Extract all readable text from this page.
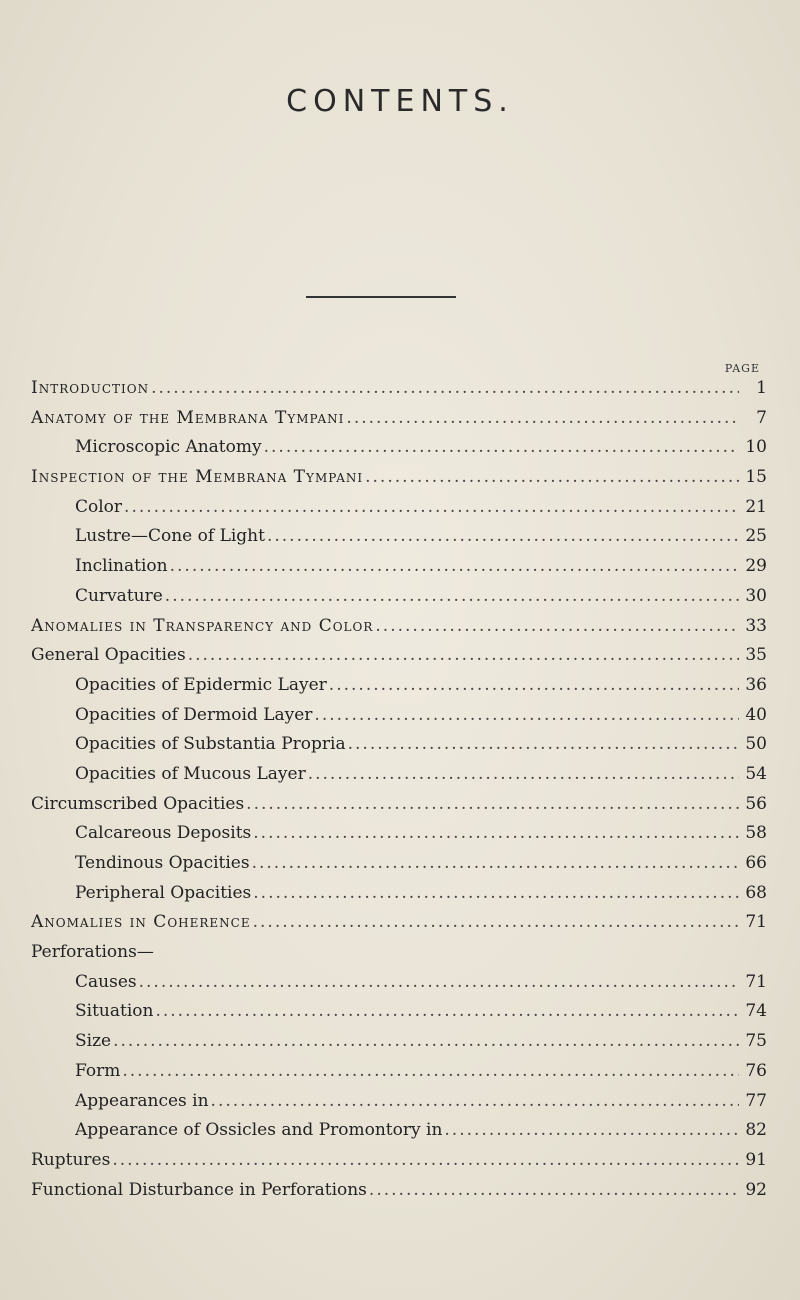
CONTENTS.
PAGE
Introduction .....	1
Anatomy of the Membrana Tympani .....	7
Microscopic Anatomy .....	10
Inspection of the Membrana Tympani .....	15
Color .....	21
Lustre—Cone of Light .....	25
Inclination .....	29
Curvature .....	30
Anomalies in Transparency and Color .....	33
General Opacities .....	35
Opacities of Epidermic Layer .....	36
Opacities of Dermoid Layer .....	40
Opacities of Substantia Propria .....	50
Opacities of Mucous Layer .....	54
Circumscribed Opacities .....	56
Calcareous Deposits .....	58
Tendinous Opacities .....	66
Peripheral Opacities .....	68
Anomalies in Coherence .....	71
Perforations—
Causes .....	71
Situation .....	74
Size .....	75
Form .....	76
Appearances in .....	77
Appearance of Ossicles and Promontory in .....	82
Ruptures .....	91
Functional Disturbance in Perforations .....	92
